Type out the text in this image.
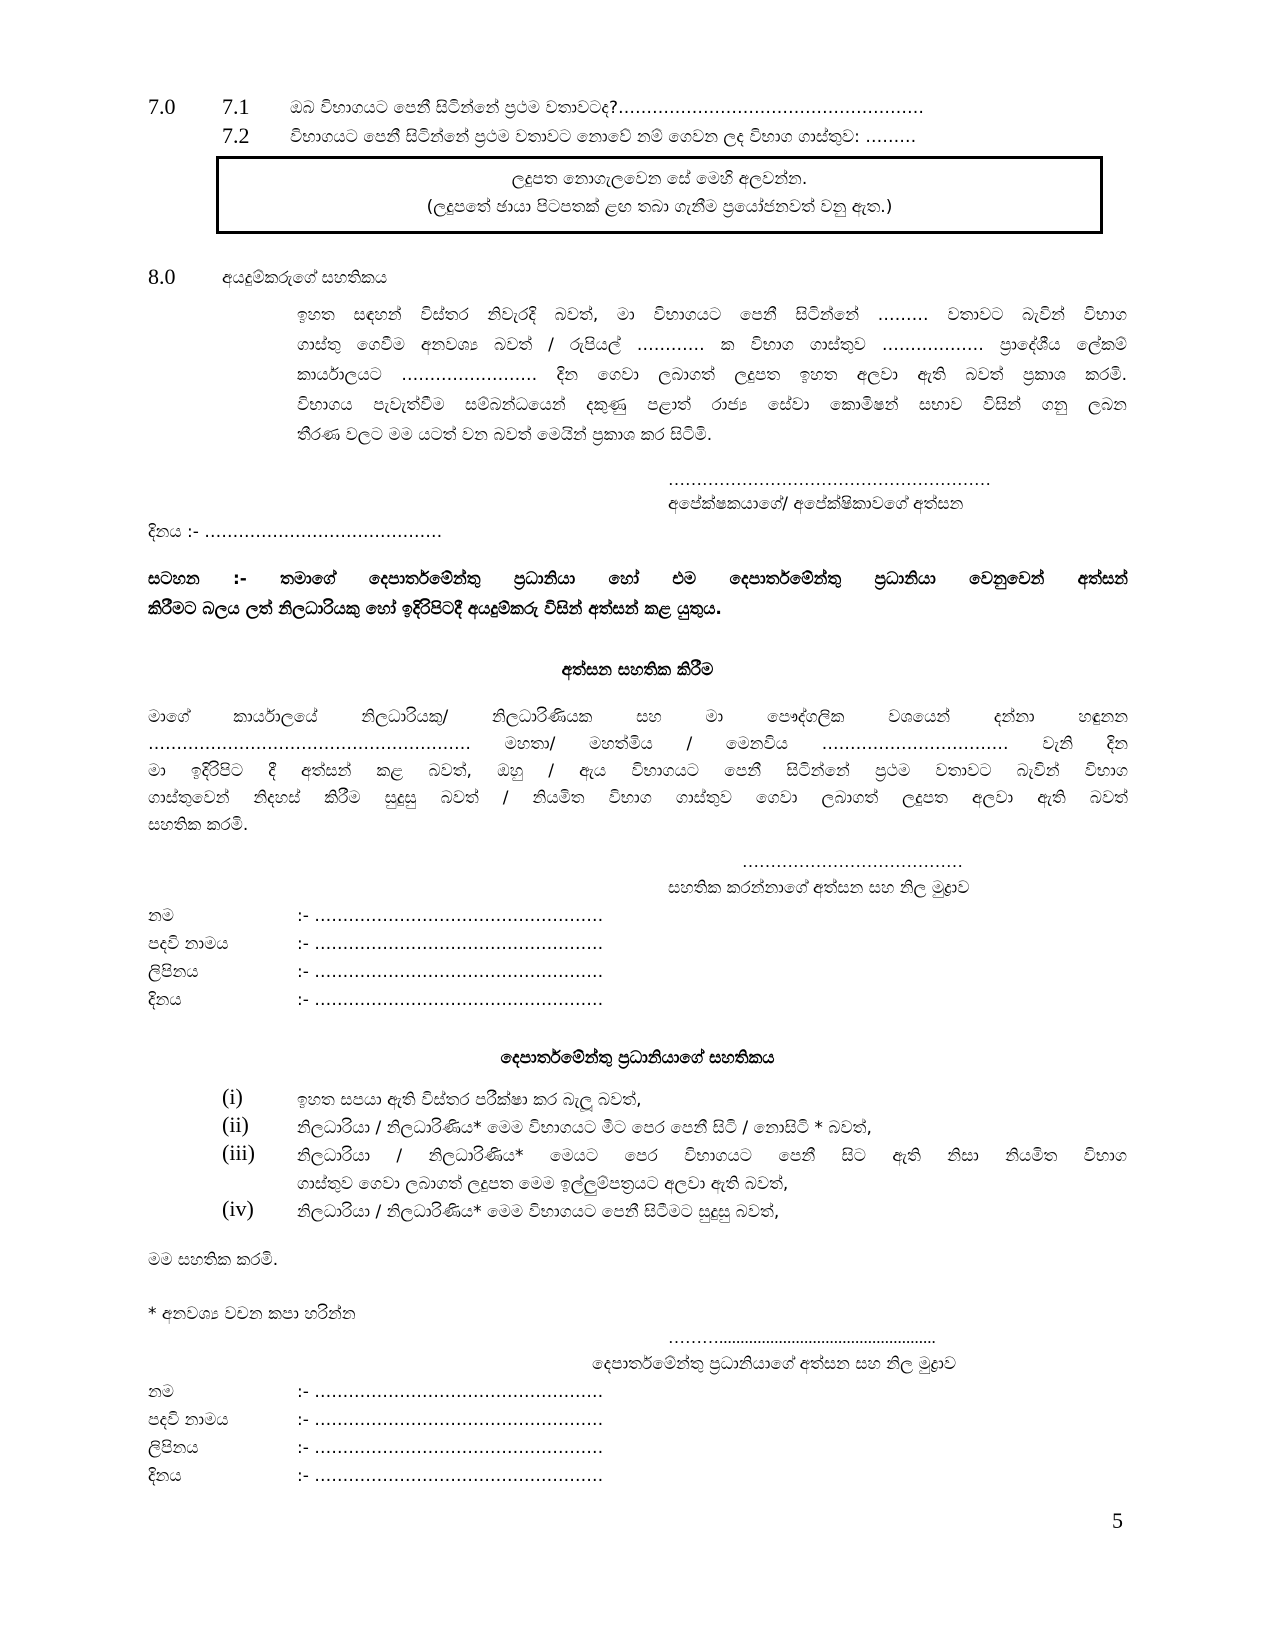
7.0 7.1 ඔබ විභාගයට පෙනී සිටින්නේ ප්‍රථම වතාවටද?………………………………………………
7.2 විභාගයට පෙනී සිටින්නේ ප්‍රථම වතාවට නොවේ නම් ගෙවන ලද විභාග ගාස්තුව: ………
ලදුපත නොගැලවෙන සේ මෙහි අලවන්න.
(ලදුපතේ ඡායා පිටපතක් ළඟ තබා ගැනීම ප්‍රයෝජනවත් වනු ඇත.)
8.0	අයදුම්කරුගේ සහතිකය
ඉහත සඳහන් විස්තර නිවැරදි බවත්, මා විභාගයට පෙනී සිටින්නේ ……… වතාවට බැවින් විභාග
ගාස්තු ගෙවීම අනවශ්‍ය බවත් / රුපියල් ………… ක විභාග ගාස්තුව ……………… ප්‍රාදේශීය ලේකම්
කාර්යාලයට …………………… දින ගෙවා ලබාගත් ලදුපත ඉහත අලවා ඇති බවත් ප්‍රකාශ කරමි.
විභාගය පැවැත්වීම සම්බන්ධයෙන් දකුණු පළාත් රාජ්‍ය සේවා කොමිෂන් සභාව විසින් ගනු ලබන
තීරණ වලට මම යටත් වන බවත් මෙයින් ප්‍රකාශ කර සිටිමි.
…………………………………………………
අපේක්ෂකයාගේ/ අපේක්ෂිකාවගේ අත්සන
දිනය :- ……………………………………
සටහන :- තමාගේ දෙපාර්තමේන්තු ප්‍රධානියා හෝ එම දෙපාර්තමේන්තු ප්‍රධානියා වෙනුවෙන් අත්සන්
කිරීමට බලය ලත් නිලධාරියකු හෝ ඉදිරිපිටදී අයදුම්කරු විසින් අත්සන් කළ යුතුය.
අත්සන සහතික කිරීම
මාගේ කාර්යාලයේ නිලධාරියකු/ නිලධාරිණියක සහ මා පෞද්ගලික වශයෙන් දන්නා හඳුනන
………………………………………………… මහතා/ මහත්මිය / මෙනවිය …………………………… වැනි දින
මා ඉදිරිපිට දී අත්සන් කළ බවත්, ඔහු / ඇය විභාගයට පෙනී සිටින්නේ ප්‍රථම වතාවට බැවින් විභාග
ගාස්තුවෙන් නිදහස් කිරීම සුදුසු බවත් / නියමිත විභාග ගාස්තුව ගෙවා ලබාගත් ලදුපත අලවා ඇති බවත්
සහතික කරමි.
…………………………………
සහතික කරන්නාගේ අත්සන සහ නිල මුද්‍රාව
නම	:- ……………………………………………
පදවි නාමය	:- ……………………………………………
ලිපිනය	:- ……………………………………………
දිනය	:- ……………………………………………
දෙපාර්තමේන්තු ප්‍රධානියාගේ සහතිකය
(i)	ඉහත සපයා ඇති විස්තර පරීක්ෂා කර බැලූ බවත්,
(ii)	නිලධාරියා / නිලධාරිණිය* මෙම විභාගයට මීට පෙර පෙනී සිටි / නොසිටි * බවත්,
(iii) නිලධාරියා / නිලධාරිණිය* මෙයට පෙර විභාගයට පෙනී සිට ඇති නිසා නියමිත විභාග
ගාස්තුව ගෙවා ලබාගත් ලදුපත මෙම ඉල්ලුම්පත්‍රයට අලවා ඇති බවත්,
(iv)	නිලධාරියා / නිලධාරිණිය* මෙම විභාගයට පෙනී සිටීමට සුදුසු බවත්,
මම සහතික කරමි.
* අනවශ්‍ය වචන කපා හරින්න
………...................................................
දෙපාර්තමේන්තු ප්‍රධානියාගේ අත්සන සහ නිල මුද්‍රාව
නම	:- ……………………………………………
පදවි නාමය	:- ……………………………………………
ලිපිනය	:- ……………………………………………
දිනය	:- ……………………………………………
5
